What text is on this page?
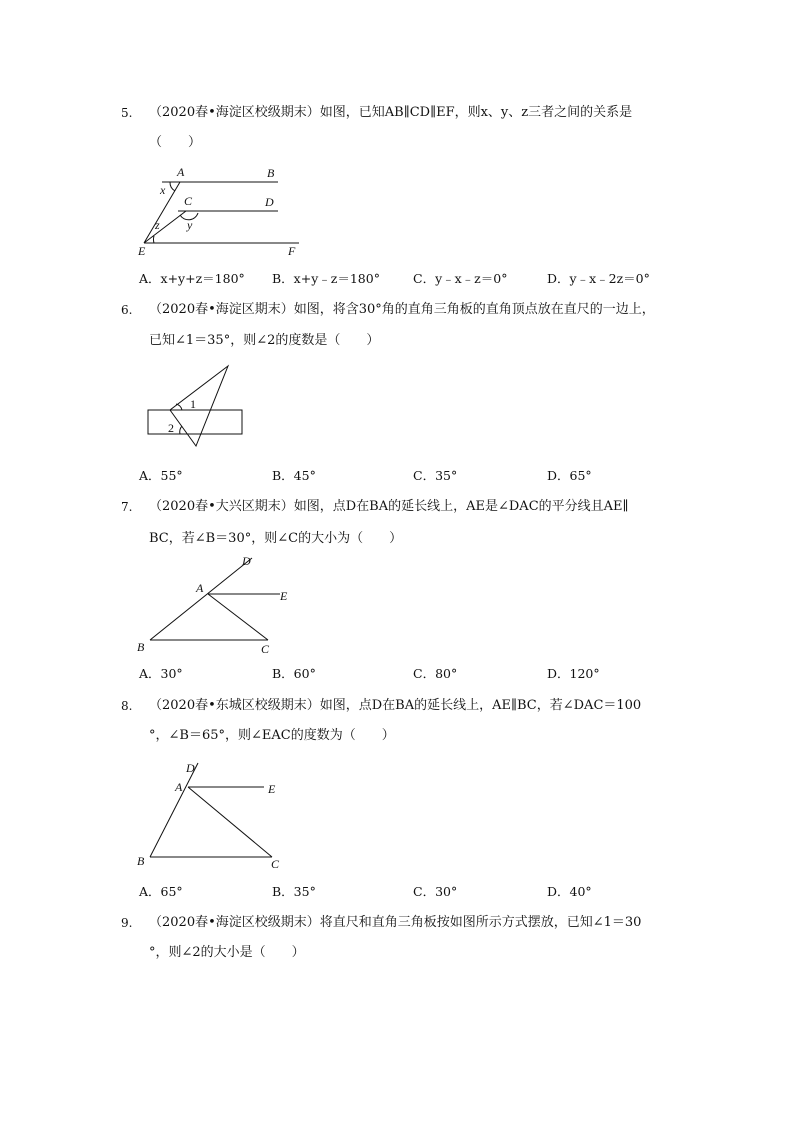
5. （2020春•海淀区校级期末）如图，已知AB∥CD∥EF，则x、y、z三者之间的关系是
（　　）
A	B
C	D
E	F
x
y
z
A．x+y+z＝180° B．x+y﹣z＝180°	C．y﹣x﹣z＝0°	D．y﹣x﹣2z＝0°
6. （2020春•海淀区期末）如图，将含30°角的直角三角板的直角顶点放在直尺的一边上，
已知∠1＝35°，则∠2的度数是（　　）
1
2
A．55°	B．45°	C．35°	D．65°
7. （2020春•大兴区期末）如图，点D在BA的延长线上，AE是∠DAC的平分线且AE∥
BC，若∠B＝30°，则∠C的大小为（　　）
A
B	C
D
E
A．30°	B．60°	C．80°	D．120°
8. （2020春•东城区校级期末）如图，点D在BA的延长线上，AE∥BC，若∠DAC＝100
°，∠B＝65°，则∠EAC的度数为（　　）
A
B	C
D
E
A．65°	B．35°	C．30°	D．40°
9. （2020春•海淀区校级期末）将直尺和直角三角板按如图所示方式摆放，已知∠1＝30
°，则∠2的大小是（　　）
